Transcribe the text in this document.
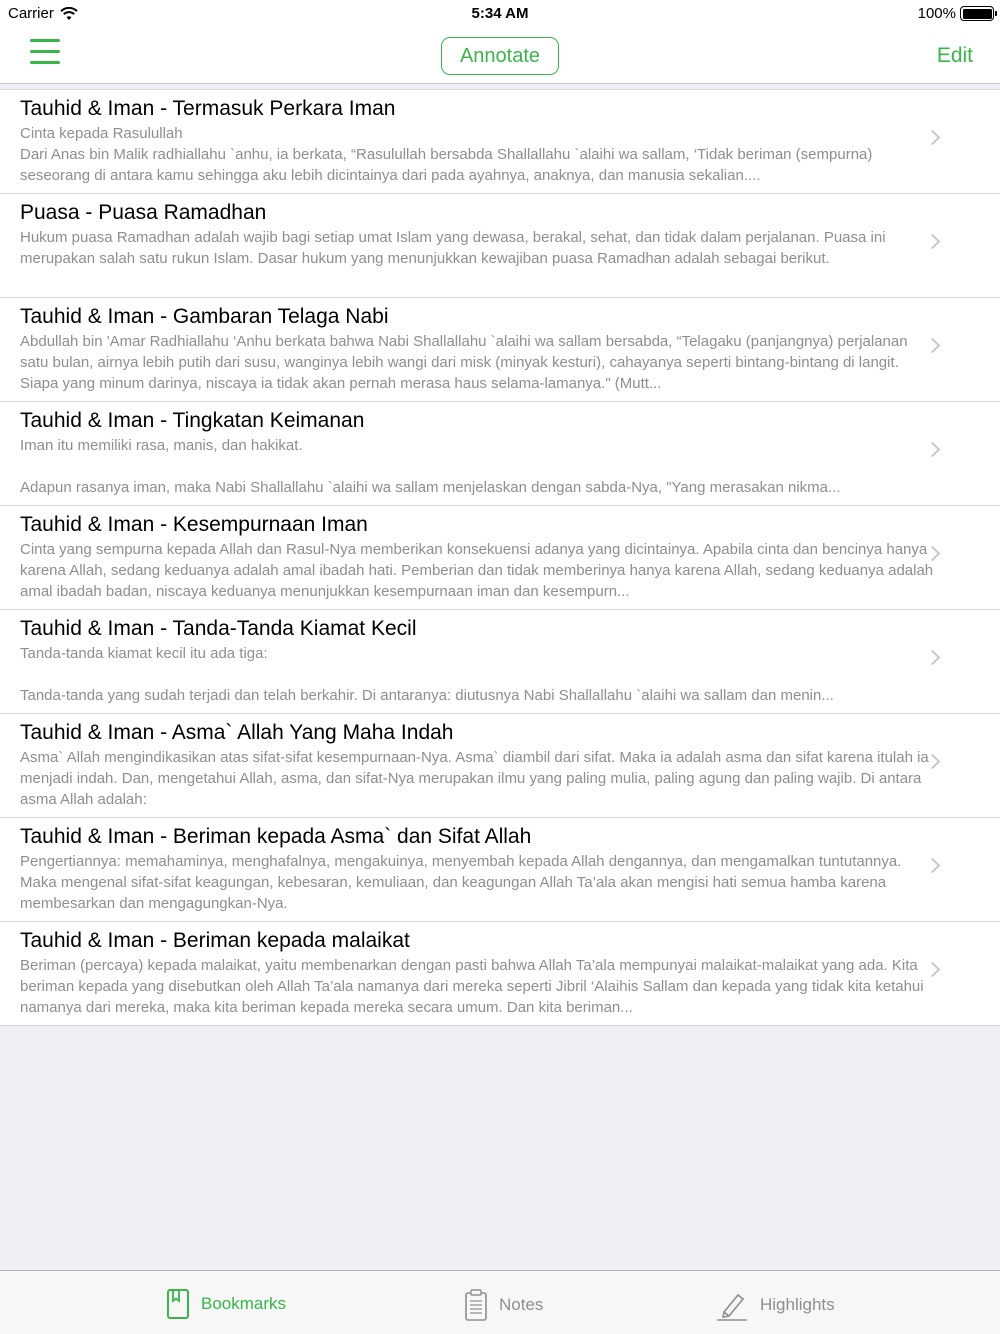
Carrier	5:34 AM	100%
Annotate	Edit
Tauhid & Iman - Termasuk Perkara Iman
Cinta kepada Rasulullah
Dari Anas bin Malik radhiallahu `anhu, ia berkata, “Rasulullah bersabda Shallallahu `alaihi wa sallam, ‘Tidak beriman (sempurna) seseorang di antara kamu sehingga aku lebih dicintainya dari pada ayahnya, anaknya, dan manusia sekalian....
Puasa - Puasa Ramadhan
Hukum puasa Ramadhan adalah wajib bagi setiap umat Islam yang dewasa, berakal, sehat, dan tidak dalam perjalanan. Puasa ini merupakan salah satu rukun Islam. Dasar hukum yang menunjukkan kewajiban puasa Ramadhan adalah sebagai berikut.
Tauhid & Iman - Gambaran Telaga Nabi
Abdullah bin 'Amar Radhiallahu ‘Anhu berkata bahwa Nabi Shallallahu `alaihi wa sallam bersabda, “Telagaku (panjangnya) perjalanan satu bulan, airnya lebih putih dari susu, wanginya lebih wangi dari misk (minyak kesturi), cahayanya seperti bintang-bintang di langit. Siapa yang minum darinya, niscaya ia tidak akan pernah merasa haus selama-lamanya." (Mutt...
Tauhid & Iman - Tingkatan Keimanan
Iman itu memiliki rasa, manis, dan hakikat.

Adapun rasanya iman, maka Nabi Shallallahu `alaihi wa sallam menjelaskan dengan sabda-Nya, "Yang merasakan nikma...
Tauhid & Iman - Kesempurnaan Iman
Cinta yang sempurna kepada Allah dan Rasul-Nya memberikan konsekuensi adanya yang dicintainya. Apabila cinta dan bencinya hanya karena Allah, sedang keduanya adalah amal ibadah hati. Pemberian dan tidak memberinya hanya karena Allah, sedang keduanya adalah amal ibadah badan, niscaya keduanya menunjukkan kesempurnaan iman dan kesempurn...
Tauhid & Iman - Tanda-Tanda Kiamat Kecil
Tanda-tanda kiamat kecil itu ada tiga:

Tanda-tanda yang sudah terjadi dan telah berkahir. Di antaranya: diutusnya Nabi Shallallahu `alaihi wa sallam dan menin...
Tauhid & Iman - Asma` Allah Yang Maha Indah
Asma` Allah mengindikasikan atas sifat-sifat kesempurnaan-Nya. Asma` diambil dari sifat. Maka ia adalah asma dan sifat karena itulah ia menjadi indah. Dan, mengetahui Allah, asma, dan sifat-Nya merupakan ilmu yang paling mulia, paling agung dan paling wajib. Di antara asma Allah adalah:
Tauhid & Iman - Beriman kepada Asma` dan Sifat Allah
Pengertiannya: memahaminya, menghafalnya, mengakuinya, menyembah kepada Allah dengannya, dan mengamalkan tuntutannya. Maka mengenal sifat-sifat keagungan, kebesaran, kemuliaan, dan keagungan Allah Ta’ala akan mengisi hati semua hamba karena membesarkan dan mengagungkan-Nya.
Tauhid & Iman - Beriman kepada malaikat
Beriman (percaya) kepada malaikat, yaitu membenarkan dengan pasti bahwa Allah Ta’ala mempunyai malaikat-malaikat yang ada. Kita beriman kepada yang disebutkan oleh Allah Ta’ala namanya dari mereka seperti Jibril ‘Alaihis Sallam dan kepada yang tidak kita ketahui namanya dari mereka, maka kita beriman kepada mereka secara umum. Dan kita beriman...
Bookmarks	Notes	Highlights
